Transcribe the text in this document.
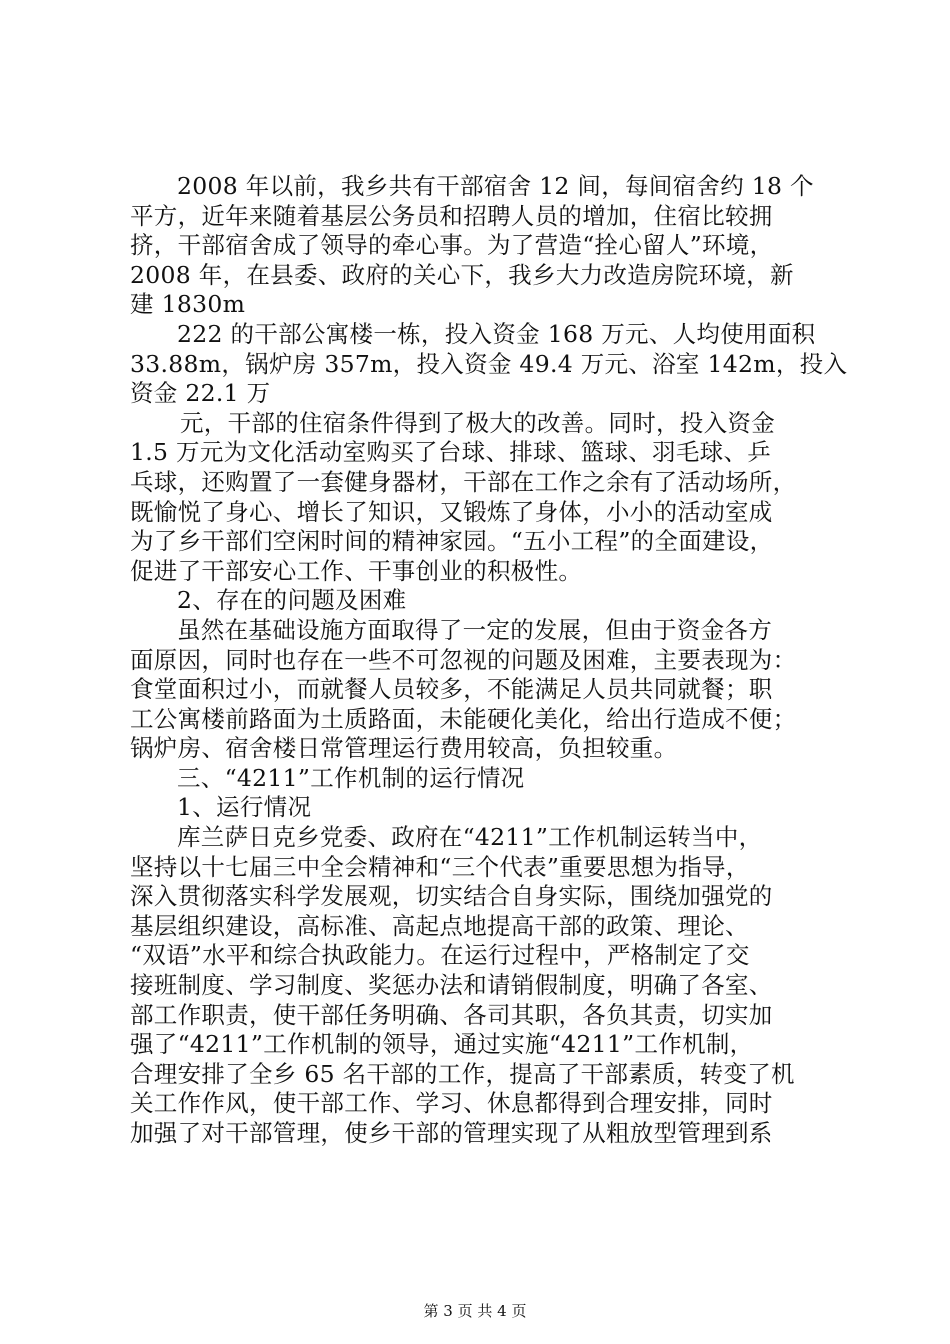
2008 年以前，我乡共有干部宿舍 12 间，每间宿舍约 18 个
平方，近年来随着基层公务员和招聘人员的增加，住宿比较拥
挤，干部宿舍成了领导的牵心事。为了营造“拴心留人”环境，
2008 年，在县委、政府的关心下，我乡大力改造房院环境，新
建 1830m
222 的干部公寓楼一栋，投入资金 168 万元、人均使用面积
33.88m，锅炉房 357m，投入资金 49.4 万元、浴室 142m，投入
资金 22.1 万
元，干部的住宿条件得到了极大的改善。同时，投入资金
1.5 万元为文化活动室购买了台球、排球、篮球、羽毛球、乒
乓球，还购置了一套健身器材，干部在工作之余有了活动场所，
既愉悦了身心、增长了知识，又锻炼了身体，小小的活动室成
为了乡干部们空闲时间的精神家园。“五小工程”的全面建设，
促进了干部安心工作、干事创业的积极性。
2、存在的问题及困难
虽然在基础设施方面取得了一定的发展，但由于资金各方
面原因，同时也存在一些不可忽视的问题及困难，主要表现为：
食堂面积过小，而就餐人员较多，不能满足人员共同就餐；职
工公寓楼前路面为土质路面，未能硬化美化，给出行造成不便；
锅炉房、宿舍楼日常管理运行费用较高，负担较重。
三、“4211”工作机制的运行情况
1、运行情况
库兰萨日克乡党委、政府在“4211”工作机制运转当中，
坚持以十七届三中全会精神和“三个代表”重要思想为指导，
深入贯彻落实科学发展观，切实结合自身实际，围绕加强党的
基层组织建设，高标准、高起点地提高干部的政策、理论、
“双语”水平和综合执政能力。在运行过程中，严格制定了交
接班制度、学习制度、奖惩办法和请销假制度，明确了各室、
部工作职责，使干部任务明确、各司其职，各负其责，切实加
强了“4211”工作机制的领导，通过实施“4211”工作机制，
合理安排了全乡 65 名干部的工作，提高了干部素质，转变了机
关工作作风，使干部工作、学习、休息都得到合理安排，同时
加强了对干部管理，使乡干部的管理实现了从粗放型管理到系
第 3 页 共 4 页
